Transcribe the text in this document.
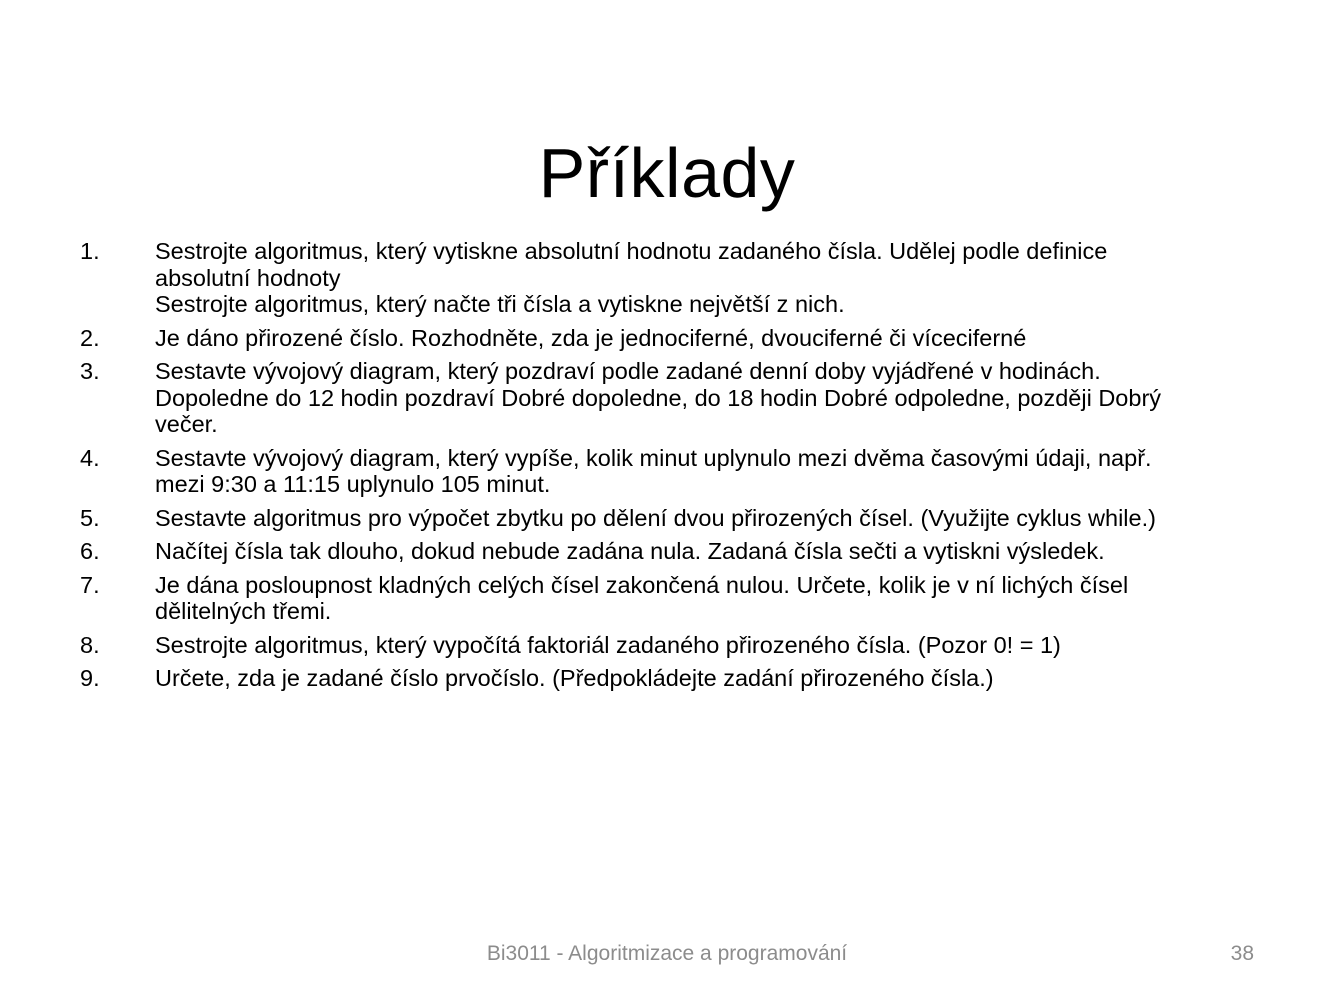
Příklady
1.	Sestrojte algoritmus, který vytiskne absolutní hodnotu zadaného čísla. Udělej podle definice
absolutní hodnoty
Sestrojte algoritmus, který načte tři čísla a vytiskne největší z nich.
2.	Je dáno přirozené číslo. Rozhodněte, zda je jednociferné, dvouciferné či víceciferné
3.	Sestavte vývojový diagram, který pozdraví podle zadané denní doby vyjádřené v hodinách.
Dopoledne do 12 hodin pozdraví Dobré dopoledne, do 18 hodin Dobré odpoledne, později Dobrý
večer.
4.	Sestavte vývojový diagram, který vypíše, kolik minut uplynulo mezi dvěma časovými údaji, např.
mezi 9:30 a 11:15 uplynulo 105 minut.
5.	Sestavte algoritmus pro výpočet zbytku po dělení dvou přirozených čísel. (Využijte cyklus while.)
6.	Načítej čísla tak dlouho, dokud nebude zadána nula. Zadaná čísla sečti a vytiskni výsledek.
7.	Je dána posloupnost kladných celých čísel zakončená nulou. Určete, kolik je v ní lichých čísel
dělitelných třemi.
8.	Sestrojte algoritmus, který vypočítá faktoriál zadaného přirozeného čísla. (Pozor 0! = 1)
9.	Určete, zda je zadané číslo prvočíslo. (Předpokládejte zadání přirozeného čísla.)
Bi3011 - Algoritmizace a programování	38
